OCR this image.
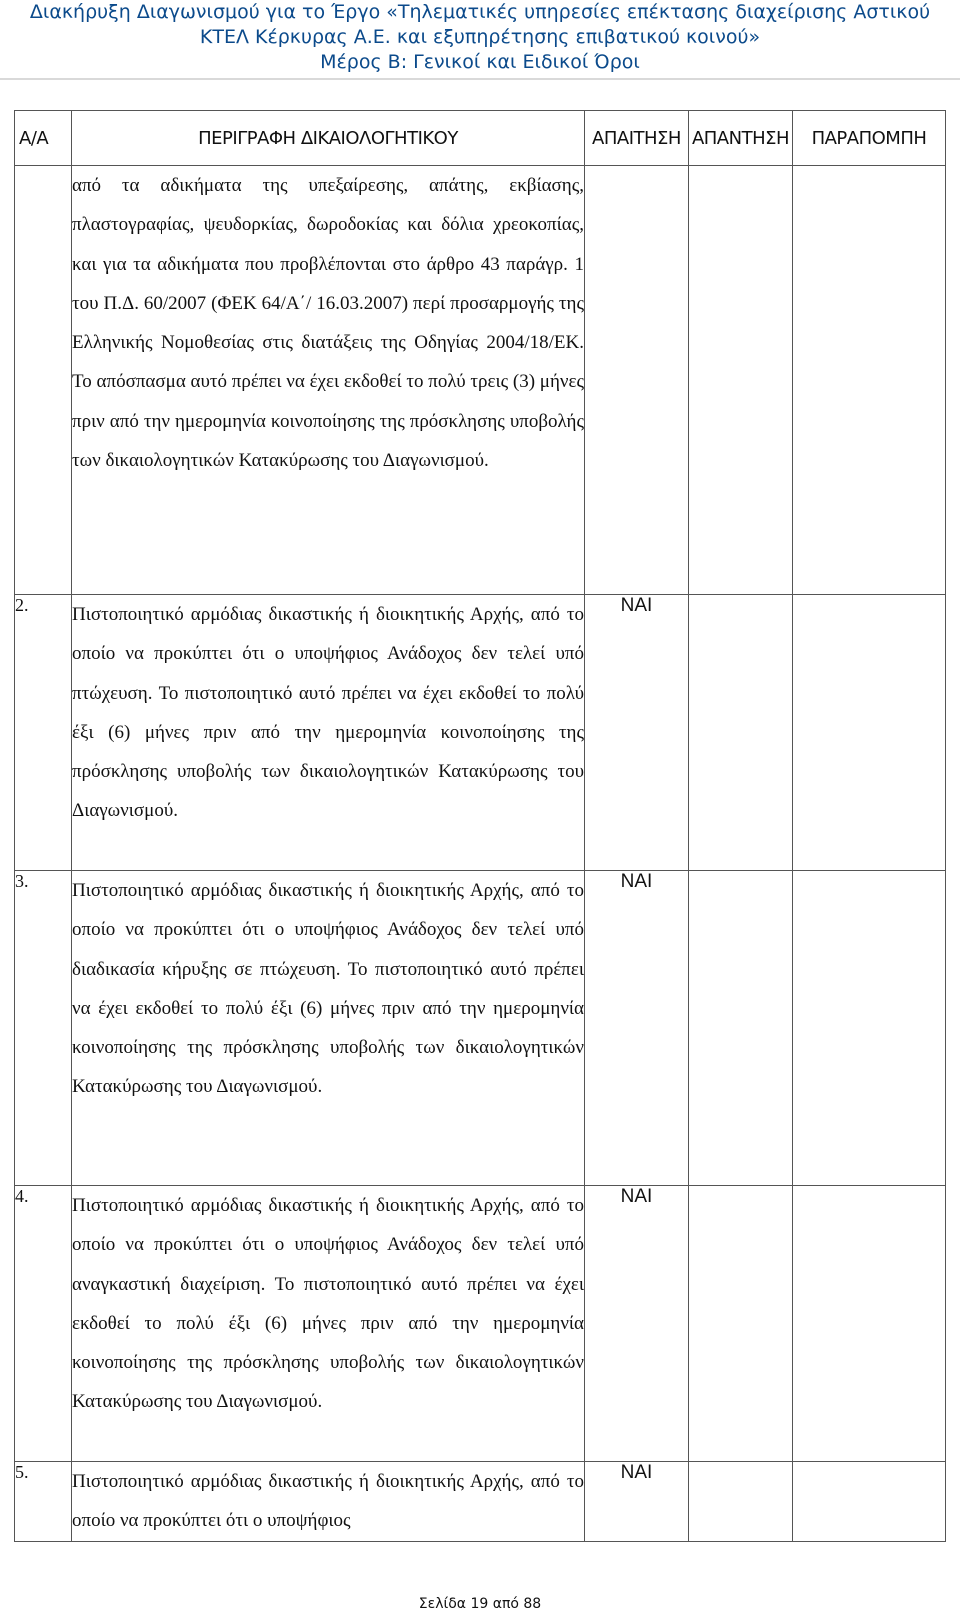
Διακήρυξη Διαγωνισμού για το Έργο «Τηλεματικές υπηρεσίες επέκτασης διαχείρισης Αστικού
ΚΤΕΛ Κέρκυρας Α.Ε. και εξυπηρέτησης επιβατικού κοινού»
Μέρος Β: Γενικοί και Ειδικοί Όροι
Α/Α	ΠΕΡΙΓΡΑΦΗ ΔΙΚΑΙΟΛΟΓΗΤΙΚΟΥ	ΑΠΑΙΤΗΣΗ	ΑΠΑΝΤΗΣΗ	ΠΑΡΑΠΟΜΠΗ

	από τα αδικήματα της υπεξαίρεσης, απάτης, εκβίασης, πλαστογραφίας, ψευδορκίας, δωροδοκίας και δόλια χρεοκοπίας, και για τα αδικήματα που προβλέπονται στο άρθρο 43 παράγρ. 1 του Π.Δ. 60/2007 (ΦΕΚ 64/Α΄/ 16.03.2007) περί προσαρμογής της Ελληνικής Νομοθεσίας στις διατάξεις της Οδηγίας 2004/18/ΕΚ. Το απόσπασμα αυτό πρέπει να έχει εκδοθεί το πολύ τρεις (3) μήνες πριν από την ημερομηνία κοινοποίησης της πρόσκλησης υποβολής των δικαιολογητικών Κατακύρωσης του Διαγωνισμού.			

2.	Πιστοποιητικό αρμόδιας δικαστικής ή διοικητικής Αρχής, από το οποίο να προκύπτει ότι ο υποψήφιος Ανάδοχος δεν τελεί υπό πτώχευση. Το πιστοποιητικό αυτό πρέπει να έχει εκδοθεί το πολύ έξι (6) μήνες πριν από την ημερομηνία κοινοποίησης της πρόσκλησης υποβολής των δικαιολογητικών Κατακύρωσης του Διαγωνισμού.	ΝΑΙ		
3.	Πιστοποιητικό αρμόδιας δικαστικής ή διοικητικής Αρχής, από το οποίο να προκύπτει ότι ο υποψήφιος Ανάδοχος δεν τελεί υπό διαδικασία κήρυξης σε πτώχευση. Το πιστοποιητικό αυτό πρέπει να έχει εκδοθεί το πολύ έξι (6) μήνες πριν από την ημερομηνία κοινοποίησης της πρόσκλησης υποβολής των δικαιολογητικών Κατακύρωσης του Διαγωνισμού.	ΝΑΙ		
4.	Πιστοποιητικό αρμόδιας δικαστικής ή διοικητικής Αρχής, από το οποίο να προκύπτει ότι ο υποψήφιος Ανάδοχος δεν τελεί υπό αναγκαστική διαχείριση. Το πιστοποιητικό αυτό πρέπει να έχει εκδοθεί το πολύ έξι (6) μήνες πριν από την ημερομηνία κοινοποίησης της πρόσκλησης υποβολής των δικαιολογητικών Κατακύρωσης του Διαγωνισμού.	ΝΑΙ		
5.	Πιστοποιητικό αρμόδιας δικαστικής ή διοικητικής Αρχής, από το οποίο να προκύπτει ότι ο υποψήφιος	ΝΑΙ		
Σελίδα 19 από 88
